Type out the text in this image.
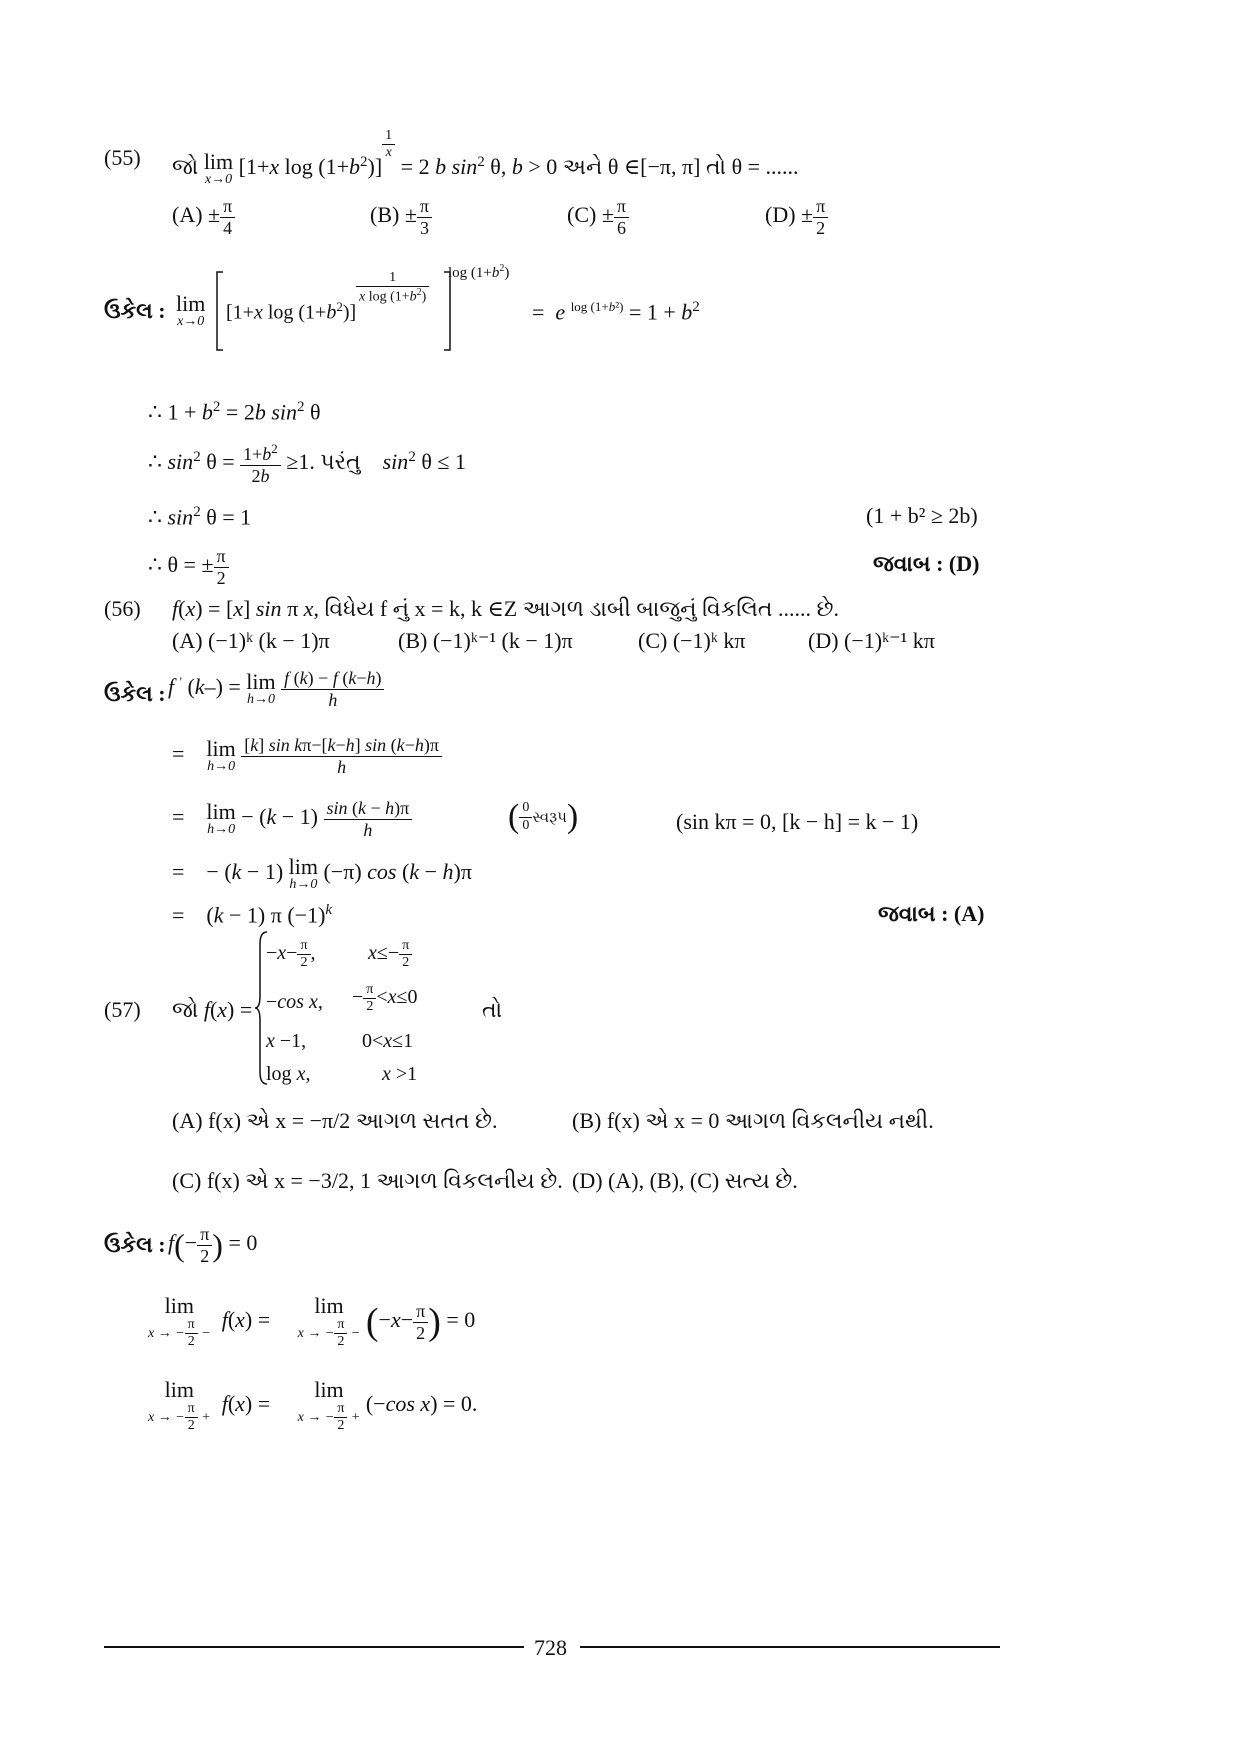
(55) જો lim
x→0
[1+x $\log (1+b^2)$]
$^{\frac{1}{x}}$
= 2 b $\sin^2 \theta$, b > 0 અને θ ∈[−π, π] તો θ = ......
$(A) \pm \frac{\pi}{4}$	$(B) \pm \frac{\pi}{3}$	$(C) \pm \frac{\pi}{6}$	$(D) \pm \frac{\pi}{2}$
ઉકેલ : lim
x→0 [1+x $\log (1+b^2)$]
$\frac{1}{x \log (1+b^2)}$ $\log (1+b^2)$
=  e $^{log (1+b^2)} = 1 + b^2$
∴ $1 + b^2 = 2b$ $\sin^2 \theta$
∴ $\sin^2 \theta = \frac{1+b^2}{2b} \ge 1$. પરંતુ $\sin^2 \theta \le 1$
∴ $\sin^2 \theta = 1$	(1 + b² ≥ 2b)
∴ θ = ± $\frac{\pi}{2}$	જવાબ : (D)
(56) f(x) = [x] sin π x, વિધેય f નું x = k, k ∈Z આગળ ડાબી બાજુનું વિકલિત ...... છે.
(A) (−1)ᵏ (k − 1)π	(B) (−1)ᵏ⁻¹ (k − 1)π	(C) (−1)ᵏ kπ	(D) (−1)ᵏ⁻¹ kπ
ઉકેલ : f ' (k–) = lim
h→0
$\frac{f (k) - f (k-h)}{h}$
=    lim
h→0
$\frac{\text{[k] sin kπ−[k−h] sin (k−h)π}}{h}$
=    lim
h→0
− $(k - 1) \frac{\sin (k - h)\pi}{h}$	( $\frac{0}{0}$ સ્વરૂપ)	(sin kπ = 0, [k − h] = k − 1)
=    − (k − 1) lim
h→0
(−π) cos (k − h)π
=    (k − 1) π $(-1)^k$	જવાબ : (A)
(57) જો f(x) =
$-x- \frac{\pi}{2}$ ,	$x\le- \frac{\pi}{2}$
−cos x, − $\frac{\pi}{2} <x\le 0$
x −1,	0<x≤1
log x,	x >1
તો
(A) f(x) એ x = −π/2 આગળ સતત છે.	(B) f(x) એ x = 0 આગળ વિકલનીય નથી.
(C) f(x) એ x = −3/2, 1 આગળ વિકલનીય છે. (D) (A), (B), (C) સત્ય છે.
ઉકેલ : $f(- \frac{\pi}{2}$ ) = 0
lim
x → − $\frac{\pi}{2}$ −
f(x) =     lim
x → − $\frac{\pi}{2} - (-x- \frac{\pi}{2}$ ) = 0
lim
x → − $\frac{\pi}{2}$ +
f(x) =     lim
x → − $\frac{\pi}{2}$ +
(−cos x) = 0.
728
